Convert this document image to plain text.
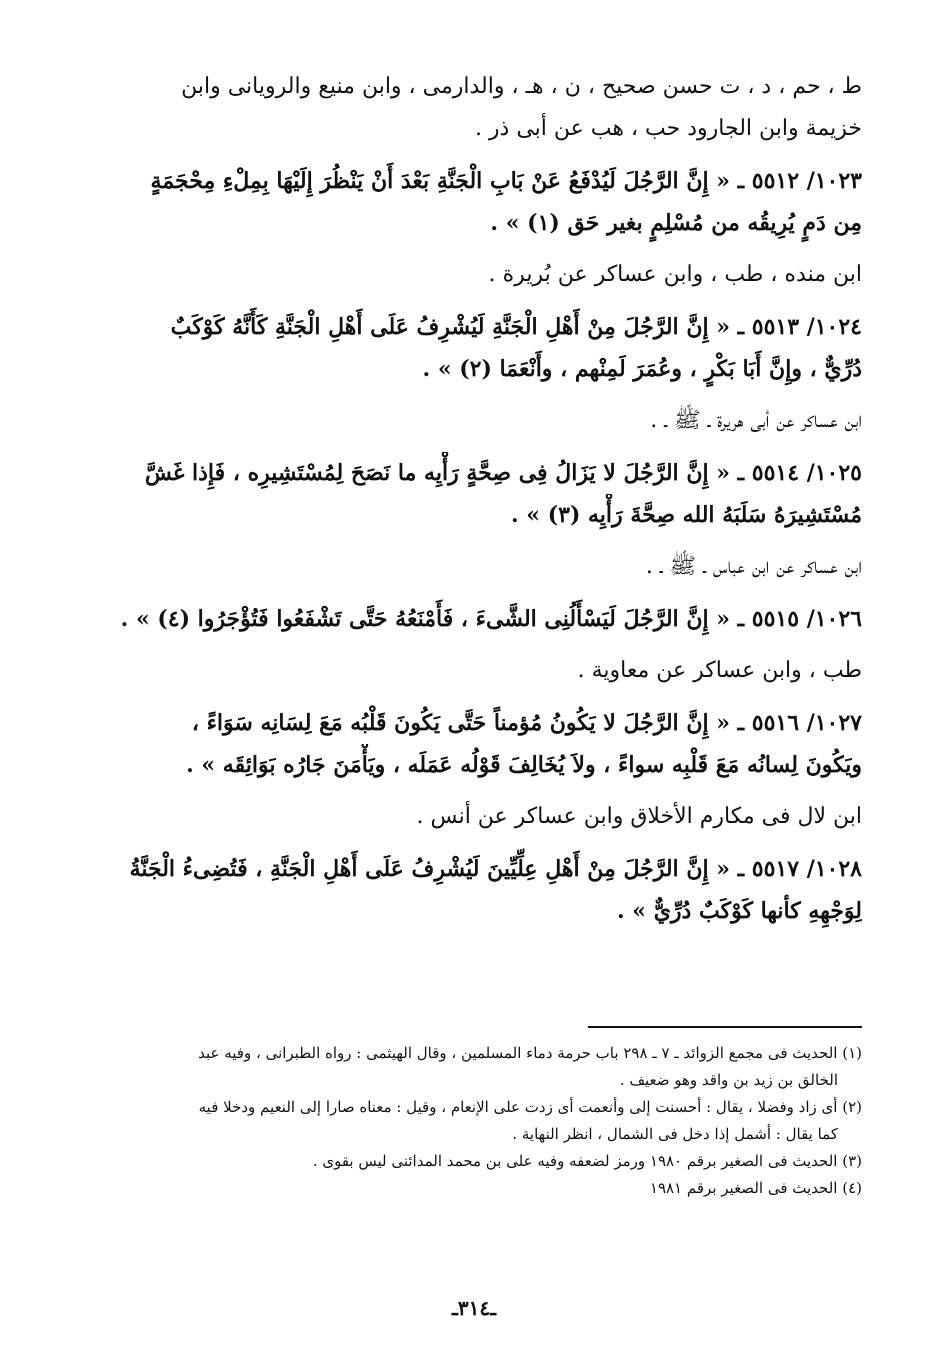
ط ، حم ، د ، ت حسن صحيح ، ن ، هـ ، والدارمى ، وابن منيع والرويانى وابن
خزيمة وابن الجارود حب ، هب عن أبى ذر .
١٠٢٣/ ٥٥١٢ ـ « إِنَّ الرَّجُلَ لَيُدْفَعُ عَنْ بَابِ الْجَنَّةِ بَعْدَ أَنْ يَنْظُرَ إِلَيْهَا بِمِلْءِ مِحْجَمَةٍ
مِن دَمٍ يُرِيقُه من مُسْلِمٍ بغير حَق (١) » .
ابن منده ، طب ، وابن عساكر عن بُريرة .
١٠٢٤/ ٥٥١٣ ـ « إِنَّ الرَّجُلَ مِنْ أَهْلِ الْجَنَّةِ لَيُشْرِفُ عَلَى أَهْلِ الْجَنَّةِ كَأَنَّهُ كَوْكَبٌ
دُرِّيٌّ ، وإِنَّ أَبَا بَكْرٍ ، وعُمَرَ لَمِنْهم ، وأَنْعَمَا (٢) » .
ابن عساكر عن أبى هريرة ـ ﷺ ـ .
١٠٢٥/ ٥٥١٤ ـ « إِنَّ الرَّجُلَ لا يَزَالُ فِى صِحَّةٍ رَأْيِه ما نَصَحَ لِمُسْتَشِيرِه ، فَإِذا غَشَّ
مُسْتَشِيرَهُ سَلَبَهُ الله صِحَّةَ رَأْيِه (٣) » .
ابن عساكر عن ابن عباس ـ ﷺ ـ .
١٠٢٦/ ٥٥١٥ ـ « إِنَّ الرَّجُلَ لَيَسْأَلُنِى الشَّىءَ ، فَأَمْنَعُهُ حَتَّى تَشْفَعُوا فَتُؤْجَرُوا (٤) » .
طب ، وابن عساكر عن معاوية .
١٠٢٧/ ٥٥١٦ ـ « إِنَّ الرَّجُلَ لا يَكُونُ مُؤمناً حَتَّى يَكُونَ قَلْبُه مَعَ لِسَانِه سَوَاءً ،
ويَكُونَ لِسانُه مَعَ قَلْبِه سواءً ، ولاَ يُخَالِفَ قَوْلُه عَمَلَه ، ويَأْمَنَ جَارُه بَوَائِقَه » .
ابن لال فى مكارم الأخلاق وابن عساكر عن أنس .
١٠٢٨/ ٥٥١٧ ـ « إِنَّ الرَّجُلَ مِنْ أَهْلِ عِلِّيِّينَ لَيُشْرِفُ عَلَى أَهْلِ الْجَنَّةِ ، فَتُضِىءُ الْجَنَّةُ
لِوَجْهِهِ كأنها كَوْكَبٌ دُرِّيٌّ » .
(١) الحديث فى مجمع الزوائد ـ ٧ ـ ٢٩٨ باب حرمة دماء المسلمين ، وقال الهيثمى : رواه الطبرانى ، وفيه عبد
الخالق بن زيد بن واقد وهو ضعيف .
(٢) أى زاد وفضلا ، يقال : أحسنت إلى وأنعمت أى زدت على الإنعام ، وقيل : معناه صارا إلى النعيم ودخلا فيه
كما يقال : أشمل إذا دخل فى الشمال ، انظر النهاية .
(٣) الحديث فى الصغير برقم ١٩٨٠ ورمز لضعفه وفيه على بن محمد المدائنى ليس بقوى .
(٤) الحديث فى الصغير برقم ١٩٨١
ـ٣١٤ـ
